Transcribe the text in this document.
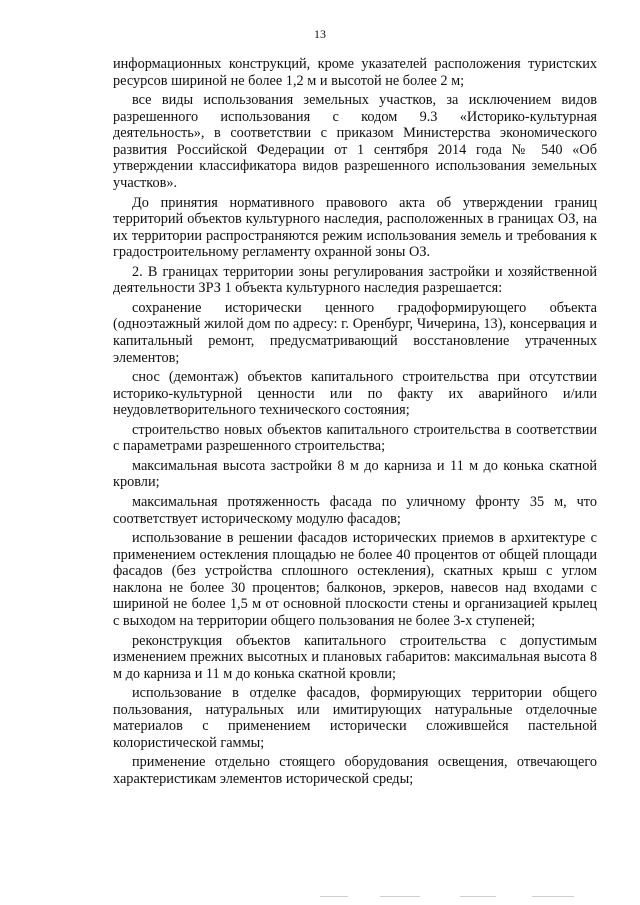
13

информационных конструкций, кроме указателей расположения туристских ресурсов шириной не более 1,2 м и высотой не более 2 м;

все виды использования земельных участков, за исключением видов разрешенного использования с кодом 9.3 «Историко-культурная деятельность», в соответствии с приказом Министерства экономического развития Российской Федерации от 1 сентября 2014 года № 540 «Об утверждении классификатора видов разрешенного использования земельных участков».

До принятия нормативного правового акта об утверждении границ территорий объектов культурного наследия, расположенных в границах ОЗ, на их территории распространяются режим использования земель и требования к градостроительному регламенту охранной зоны ОЗ.

2. В границах территории зоны регулирования застройки и хозяйственной деятельности ЗРЗ 1 объекта культурного наследия разрешается:

сохранение исторически ценного градоформирующего объекта (одноэтажный жилой дом по адресу: г. Оренбург, Чичерина, 13), консервация и капитальный ремонт, предусматривающий восстановление утраченных элементов;

снос (демонтаж) объектов капитального строительства при отсутствии историко-культурной ценности или по факту их аварийного и/или неудовлетворительного технического состояния;

строительство новых объектов капитального строительства в соответствии с параметрами разрешенного строительства;

максимальная высота застройки 8 м до карниза и 11 м до конька скатной кровли;

максимальная протяженность фасада по уличному фронту 35 м, что соответствует историческому модулю фасадов;

использование в решении фасадов исторических приемов в архитектуре с применением остекления площадью не более 40 процентов от общей площади фасадов (без устройства сплошного остекления), скатных крыш с углом наклона не более 30 процентов; балконов, эркеров, навесов над входами с шириной не более 1,5 м от основной плоскости стены и организацией крылец с выходом на территории общего пользования не более 3-х ступеней;

реконструкция объектов капитального строительства с допустимым изменением прежних высотных и плановых габаритов: максимальная высота 8 м до карниза и 11 м до конька скатной кровли;

использование в отделке фасадов, формирующих территории общего пользования, натуральных или имитирующих натуральные отделочные материалов с применением исторически сложившейся пастельной колористической гаммы;

применение отдельно стоящего оборудования освещения, отвечающего характеристикам элементов исторической среды;
